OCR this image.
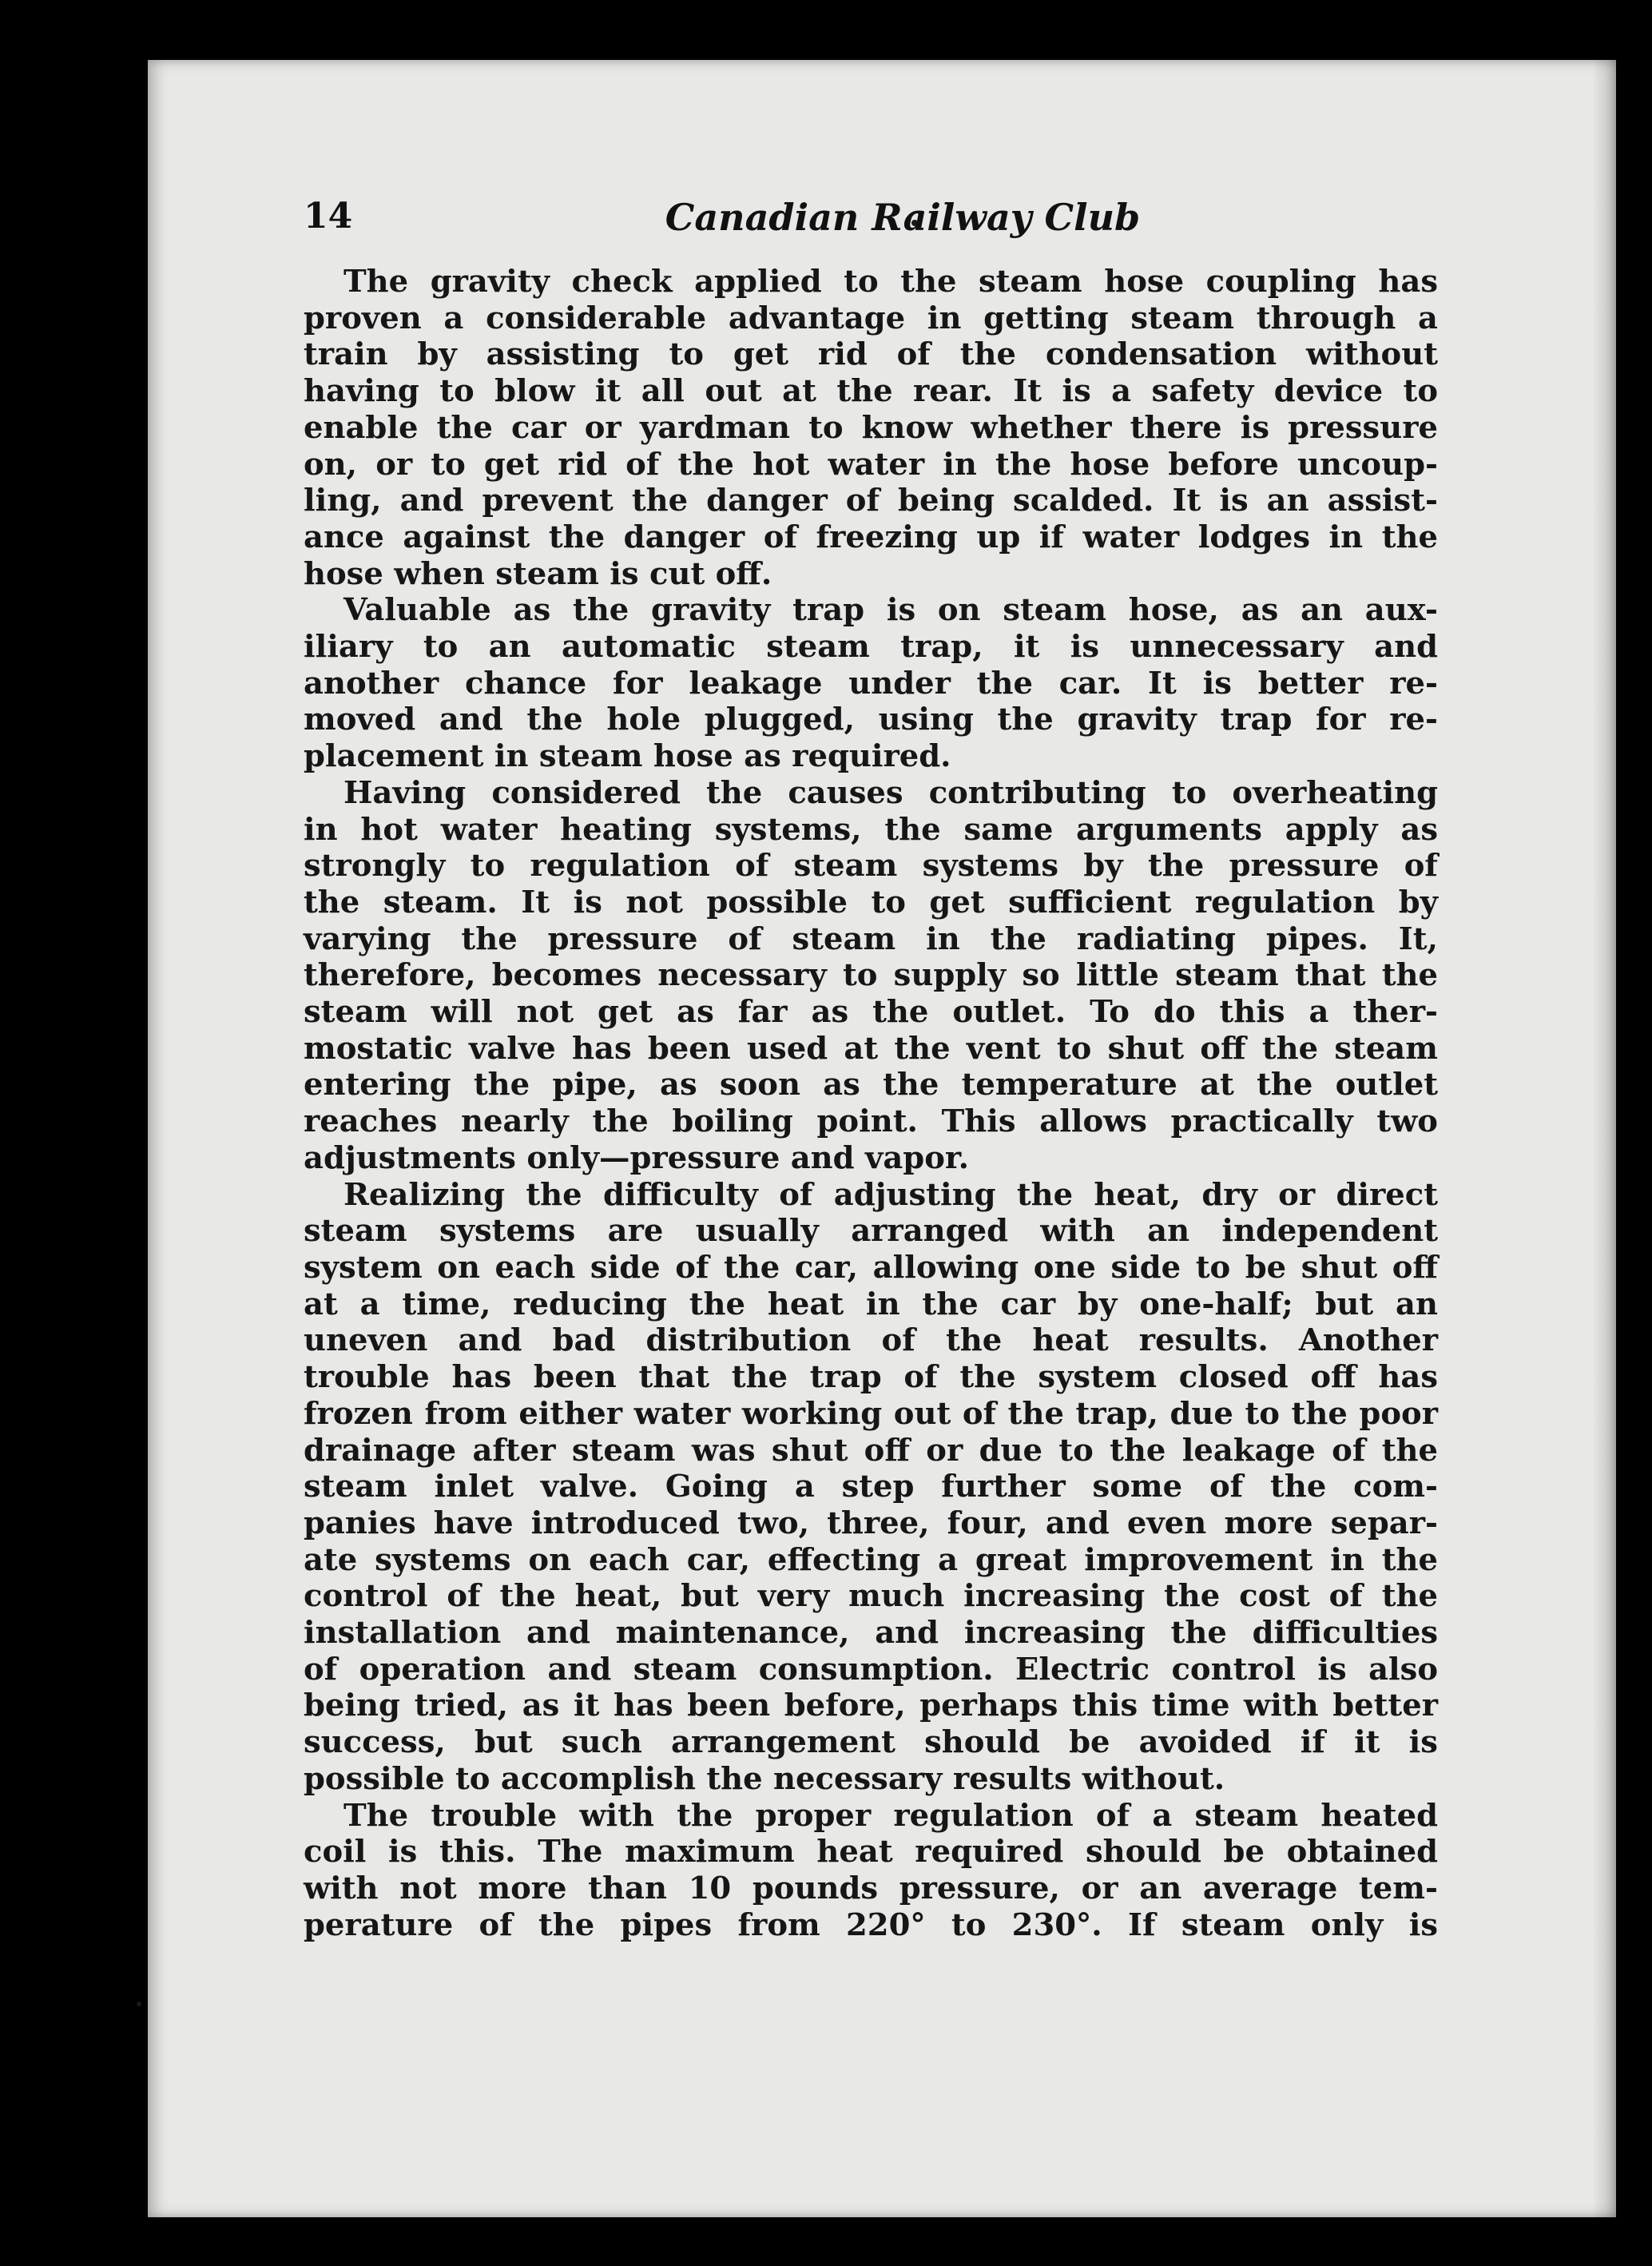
14	Canadian Railway Club
The gravity check applied to the steam hose coupling has
proven a considerable advantage in getting steam through a
train by assisting to get rid of the condensation without
having to blow it all out at the rear. It is a safety device to
enable the car or yardman to know whether there is pressure
on, or to get rid of the hot water in the hose before uncoup-
ling, and prevent the danger of being scalded. It is an assist-
ance against the danger of freezing up if water lodges in the
hose when steam is cut off.
Valuable as the gravity trap is on steam hose, as an aux-
iliary to an automatic steam trap, it is unnecessary and
another chance for leakage under the car. It is better re-
moved and the hole plugged, using the gravity trap for re-
placement in steam hose as required.
Having considered the causes contributing to overheating
in hot water heating systems, the same arguments apply as
strongly to regulation of steam systems by the pressure of
the steam. It is not possible to get sufficient regulation by
varying the pressure of steam in the radiating pipes. It,
therefore, becomes necessary to supply so little steam that the
steam will not get as far as the outlet. To do this a ther-
mostatic valve has been used at the vent to shut off the steam
entering the pipe, as soon as the temperature at the outlet
reaches nearly the boiling point. This allows practically two
adjustments only—pressure and vapor.
Realizing the difficulty of adjusting the heat, dry or direct
steam systems are usually arranged with an independent
system on each side of the car, allowing one side to be shut off
at a time, reducing the heat in the car by one-half; but an
uneven and bad distribution of the heat results. Another
trouble has been that the trap of the system closed off has
frozen from either water working out of the trap, due to the poor
drainage after steam was shut off or due to the leakage of the
steam inlet valve. Going a step further some of the com-
panies have introduced two, three, four, and even more separ-
ate systems on each car, effecting a great improvement in the
control of the heat, but very much increasing the cost of the
installation and maintenance, and increasing the difficulties
of operation and steam consumption. Electric control is also
being tried, as it has been before, perhaps this time with better
success, but such arrangement should be avoided if it is
possible to accomplish the necessary results without.
The trouble with the proper regulation of a steam heated
coil is this. The maximum heat required should be obtained
with not more than 10 pounds pressure, or an average tem-
perature of the pipes from 220° to 230°. If steam only is
